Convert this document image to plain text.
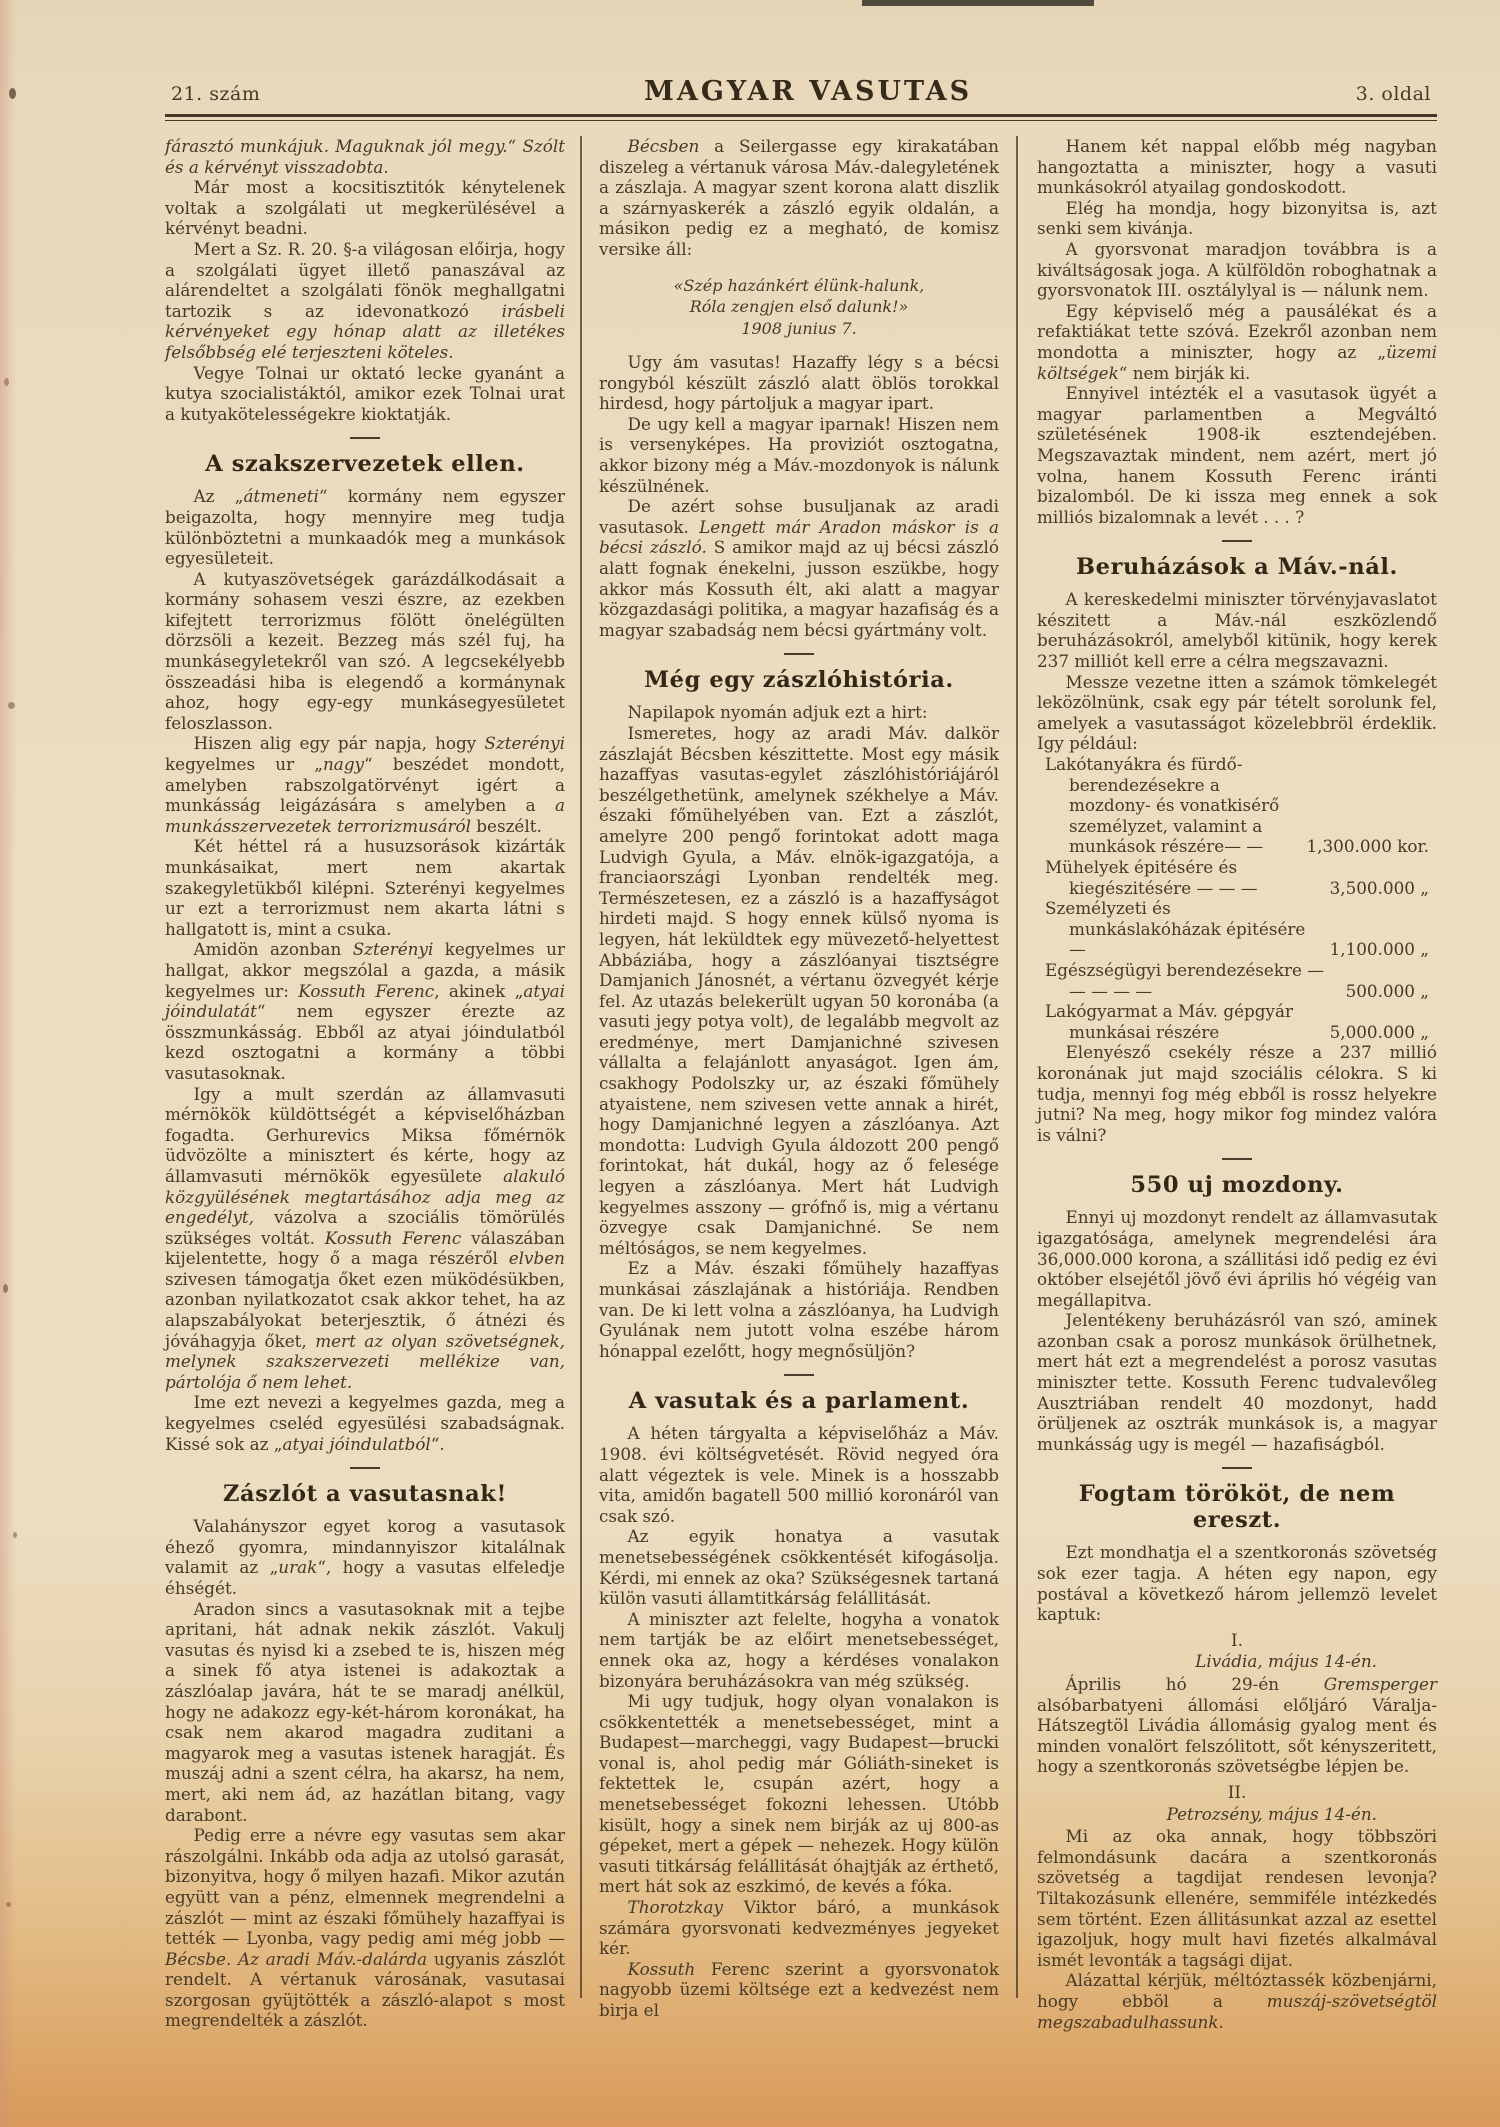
21. szám	MAGYAR VASUTAS	3. oldal

fárasztó munkájuk. Maguknak jól megy.“ Szólt és a kérvényt visszadobta.

Már most a kocsitisztitók kénytelenek voltak a szolgálati ut megkerülésével a kérvényt beadni.

Mert a Sz. R. 20. §-a világosan előirja, hogy a szolgálati ügyet illető panaszával az alárendeltet a szolgálati fönök meghallgatni tartozik s az idevonatkozó irásbeli kérvényeket egy hónap alatt az illetékes felsőbbség elé terjeszteni köteles.

Vegye Tolnai ur oktató lecke gyanánt a kutya szocialistáktól, amikor ezek Tolnai urat a kutyakötelességekre kioktatják.

A szakszervezetek ellen.

Az „átmeneti“ kormány nem egyszer beigazolta, hogy mennyire meg tudja különböztetni a munkaadók meg a munkások egyesületeit.

A kutyaszövetségek garázdálkodásait a kormány sohasem veszi észre, az ezekben kifejtett terrorizmus fölött önelégülten dörzsöli a kezeit. Bezzeg más szél fuj, ha munkásegyletekről van szó. A legcsekélyebb összeadási hiba is elegendő a kormánynak ahoz, hogy egy-egy munkásegyesületet feloszlasson.

Hiszen alig egy pár napja, hogy Szterényi kegyelmes ur „nagy“ beszédet mondott, amelyben rabszolgatörvényt igért a munkásság leigázására s amelyben a a munkásszervezetek terrorizmusáról beszélt.

Két héttel rá a husuzsorások kizárták munkásaikat, mert nem akartak szakegyletükből kilépni. Szterényi kegyelmes ur ezt a terrorizmust nem akarta látni s hallgatott is, mint a csuka.

Amidön azonban Szterényi kegyelmes ur hallgat, akkor megszólal a gazda, a másik kegyelmes ur: Kossuth Ferenc, akinek „atyai jóindulatát“ nem egyszer érezte az összmunkásság. Ebből az atyai jóindulatból kezd osztogatni a kormány a többi vasutasoknak.

Igy a mult szerdán az államvasuti mérnökök küldöttségét a képviselőházban fogadta. Gerhurevics Miksa főmérnök üdvözölte a minisztert és kérte, hogy az államvasuti mérnökök egyesülete alakuló közgyülésének megtartásához adja meg az engedélyt, vázolva a szociális tömörülés szükséges voltát. Kossuth Ferenc válaszában kijelentette, hogy ő a maga részéről elvben szivesen támogatja őket ezen müködésükben, azonban nyilatkozatot csak akkor tehet, ha az alapszabályokat beterjesztik, ő átnézi és jóváhagyja őket, mert az olyan szövetségnek, melynek szakszervezeti mellékize van, pártolója ő nem lehet.

Ime ezt nevezi a kegyelmes gazda, meg a kegyelmes cseléd egyesülési szabadságnak. Kissé sok az „atyai jóindulatból“.

Zászlót a vasutasnak!

Valahányszor egyet korog a vasutasok éhező gyomra, mindannyiszor kitalálnak valamit az „urak“, hogy a vasutas elfeledje éhségét.

Aradon sincs a vasutasoknak mit a tejbe apritani, hát adnak nekik zászlót. Vakulj vasutas és nyisd ki a zsebed te is, hiszen még a sinek fő atya istenei is adakoztak a zászlóalap javára, hát te se maradj anélkül, hogy ne adakozz egy-két-három koronákat, ha csak nem akarod magadra zuditani a magyarok meg a vasutas istenek haragját. És muszáj adni a szent célra, ha akarsz, ha nem, mert, aki nem ád, az hazátlan bitang, vagy darabont.

Pedig erre a névre egy vasutas sem akar rászolgálni. Inkább oda adja az utolsó garasát, bizonyitva, hogy ő milyen hazafi. Mikor azután együtt van a pénz, elmennek megrendelni a zászlót — mint az északi főmühely hazaffyai is tették — Lyonba, vagy pedig ami még jobb — Bécsbe. Az aradi Máv.-dalárda ugyanis zászlót rendelt. A vértanuk városának, vasutasai szorgosan gyüjtötték a zászló-alapot s most megrendelték a zászlót.

Bécsben a Seilergasse egy kirakatában diszeleg a vértanuk városa Máv.-dalegyletének a zászlaja. A magyar szent korona alatt diszlik a szárnyaskerék a zászló egyik oldalán, a másikon pedig ez a megható, de komisz versike áll:

«Szép hazánkért élünk-halunk,
Róla zengjen első dalunk!»
1908 junius 7.

Ugy ám vasutas! Hazaffy légy s a bécsi rongyból készült zászló alatt öblös torokkal hirdesd, hogy pártoljuk a magyar ipart.

De ugy kell a magyar iparnak! Hiszen nem is versenyképes. Ha proviziót osztogatna, akkor bizony még a Máv.-mozdonyok is nálunk készülnének.

De azért sohse busuljanak az aradi vasutasok. Lengett már Aradon máskor is a bécsi zászló. S amikor majd az uj bécsi zászló alatt fognak énekelni, jusson eszükbe, hogy akkor más Kossuth élt, aki alatt a magyar közgazdasági politika, a magyar hazafiság és a magyar szabadság nem bécsi gyártmány volt.

Még egy zászlóhistória.

Napilapok nyomán adjuk ezt a hirt:

Ismeretes, hogy az aradi Máv. dalkör zászlaját Bécsben készittette. Most egy másik hazaffyas vasutas-egylet zászlóhistóriájáról beszélgethetünk, amelynek székhelye a Máv. északi főmühelyében van. Ezt a zászlót, amelyre 200 pengő forintokat adott maga Ludvigh Gyula, a Máv. elnök-igazgatója, a franciaországi Lyonban rendelték meg. Természetesen, ez a zászló is a hazaffyságot hirdeti majd. S hogy ennek külső nyoma is legyen, hát leküldtek egy müvezető-helyettest Abbáziába, hogy a zászlóanyai tisztségre Damjanich Jánosnét, a vértanu özvegyét kérje fel. Az utazás belekerült ugyan 50 koronába (a vasuti jegy potya volt), de legalább megvolt az eredménye, mert Damjanichné szivesen vállalta a felajánlott anyaságot. Igen ám, csakhogy Podolszky ur, az északi főmühely atyaistene, nem szivesen vette annak a hirét, hogy Damjanichné legyen a zászlóanya. Azt mondotta: Ludvigh Gyula áldozott 200 pengő forintokat, hát dukál, hogy az ő felesége legyen a zászlóanya. Mert hát Ludvigh kegyelmes asszony — grófnő is, mig a vértanu özvegye csak Damjanichné. Se nem méltóságos, se nem kegyelmes.

Ez a Máv. északi főmühely hazaffyas munkásai zászlajának a históriája. Rendben van. De ki lett volna a zászlóanya, ha Ludvigh Gyulának nem jutott volna eszébe három hónappal ezelőtt, hogy megnősüljön?

A vasutak és a parlament.

A héten tárgyalta a képviselőház a Máv. 1908. évi költségvetését. Rövid negyed óra alatt végeztek is vele. Minek is a hosszabb vita, amidőn bagatell 500 millió koronáról van csak szó.

Az egyik honatya a vasutak menetsebességének csökkentését kifogásolja. Kérdi, mi ennek az oka? Szükségesnek tartaná külön vasuti államtitkárság felállitását.

A miniszter azt felelte, hogyha a vonatok nem tartják be az előirt menetsebességet, ennek oka az, hogy a kérdéses vonalakon bizonyára beruházásokra van még szükség.

Mi ugy tudjuk, hogy olyan vonalakon is csökkentették a menetsebességet, mint a Budapest—marcheggi, vagy Budapest—brucki vonal is, ahol pedig már Góliáth-sineket is fektettek le, csupán azért, hogy a menetsebességet fokozni lehessen. Utóbb kisült, hogy a sinek nem birják az uj 800-as gépeket, mert a gépek — nehezek. Hogy külön vasuti titkárság felállitását óhajtják az érthető, mert hát sok az eszkimó, de kevés a fóka.

Thorotzkay Viktor báró, a munkások számára gyorsvonati kedvezményes jegyeket kér.

Kossuth Ferenc szerint a gyorsvonatok nagyobb üzemi költsége ezt a kedvezést nem birja el

Hanem két nappal előbb még nagyban hangoztatta a miniszter, hogy a vasuti munkásokról atyailag gondoskodott.

Elég ha mondja, hogy bizonyitsa is, azt senki sem kivánja.

A gyorsvonat maradjon továbbra is a kiváltságosak joga. A külföldön roboghatnak a gyorsvonatok III. osztálylyal is — nálunk nem.

Egy képviselő még a pausálékat és a refaktiákat tette szóvá. Ezekről azonban nem mondotta a miniszter, hogy az „üzemi költségek“ nem birják ki.

Ennyivel intézték el a vasutasok ügyét a magyar parlamentben a Megváltó születésének 1908-ik esztendejében. Megszavaztak mindent, nem azért, mert jó volna, hanem Kossuth Ferenc iránti bizalomból. De ki issza meg ennek a sok milliós bizalomnak a levét . . . ?

Beruházások a Máv.-nál.

A kereskedelmi miniszter törvényjavaslatot készitett a Máv.-nál eszközlendő beruházásokról, amelyből kitünik, hogy kerek 237 milliót kell erre a célra megszavazni.

Messze vezetne itten a számok tömkelegét leközölnünk, csak egy pár tételt sorolunk fel, amelyek a vasutasságot közelebbröl érdeklik. Igy például:

Lakótanyákra és fürdőberendezésekre a mozdony- és vonatkisérő személyzet, valamint a munkások részére— —	1,300.000 kor.
Mühelyek épitésére és kiegészitésére — — —	3,500.000 „
Személyzeti és munkáslakóházak épitésére —	1,100.000 „
Egészségügyi berendezésekre — — — — —	500.000 „
Lakógyarmat a Máv. gépgyár munkásai részére	5,000.000 „

Elenyésző csekély része a 237 millió koronának jut majd szociális célokra. S ki tudja, mennyi fog még ebből is rossz helyekre jutni? Na meg, hogy mikor fog mindez valóra is válni?

550 uj mozdony.

Ennyi uj mozdonyt rendelt az államvasutak igazgatósága, amelynek megrendelési ára 36,000.000 korona, a szállitási idő pedig ez évi október elsejétől jövő évi április hó végéig van megállapitva.

Jelentékeny beruházásról van szó, aminek azonban csak a porosz munkások örülhetnek, mert hát ezt a megrendelést a porosz vasutas miniszter tette. Kossuth Ferenc tudvalevőleg Ausztriában rendelt 40 mozdonyt, hadd örüljenek az osztrák munkások is, a magyar munkásság ugy is megél — hazafiságból.

Fogtam törököt, de nem ereszt.

Ezt mondhatja el a szentkoronás szövetség sok ezer tagja. A héten egy napon, egy postával a következő három jellemzö levelet kaptuk:

I.
Livádia, május 14-én.

Április hó 29-én Gremsperger alsóbarbatyeni állomási előljáró Váralja-Hátszegtöl Livádia állomásig gyalog ment és minden vonalört felszólitott, sőt kényszeritett, hogy a szentkoronás szövetségbe lépjen be.

II.
Petrozsény, május 14-én.

Mi az oka annak, hogy többszöri felmondásunk dacára a szentkoronás szövetség a tagdijat rendesen levonja? Tiltakozásunk ellenére, semmiféle intézkedés sem történt. Ezen állitásunkat azzal az esettel igazoljuk, hogy mult havi fizetés alkalmával ismét levonták a tagsági dijat.

Alázattal kérjük, méltóztassék közbenjárni, hogy ebböl a muszáj-szövetségtöl megszabadulhassunk.
